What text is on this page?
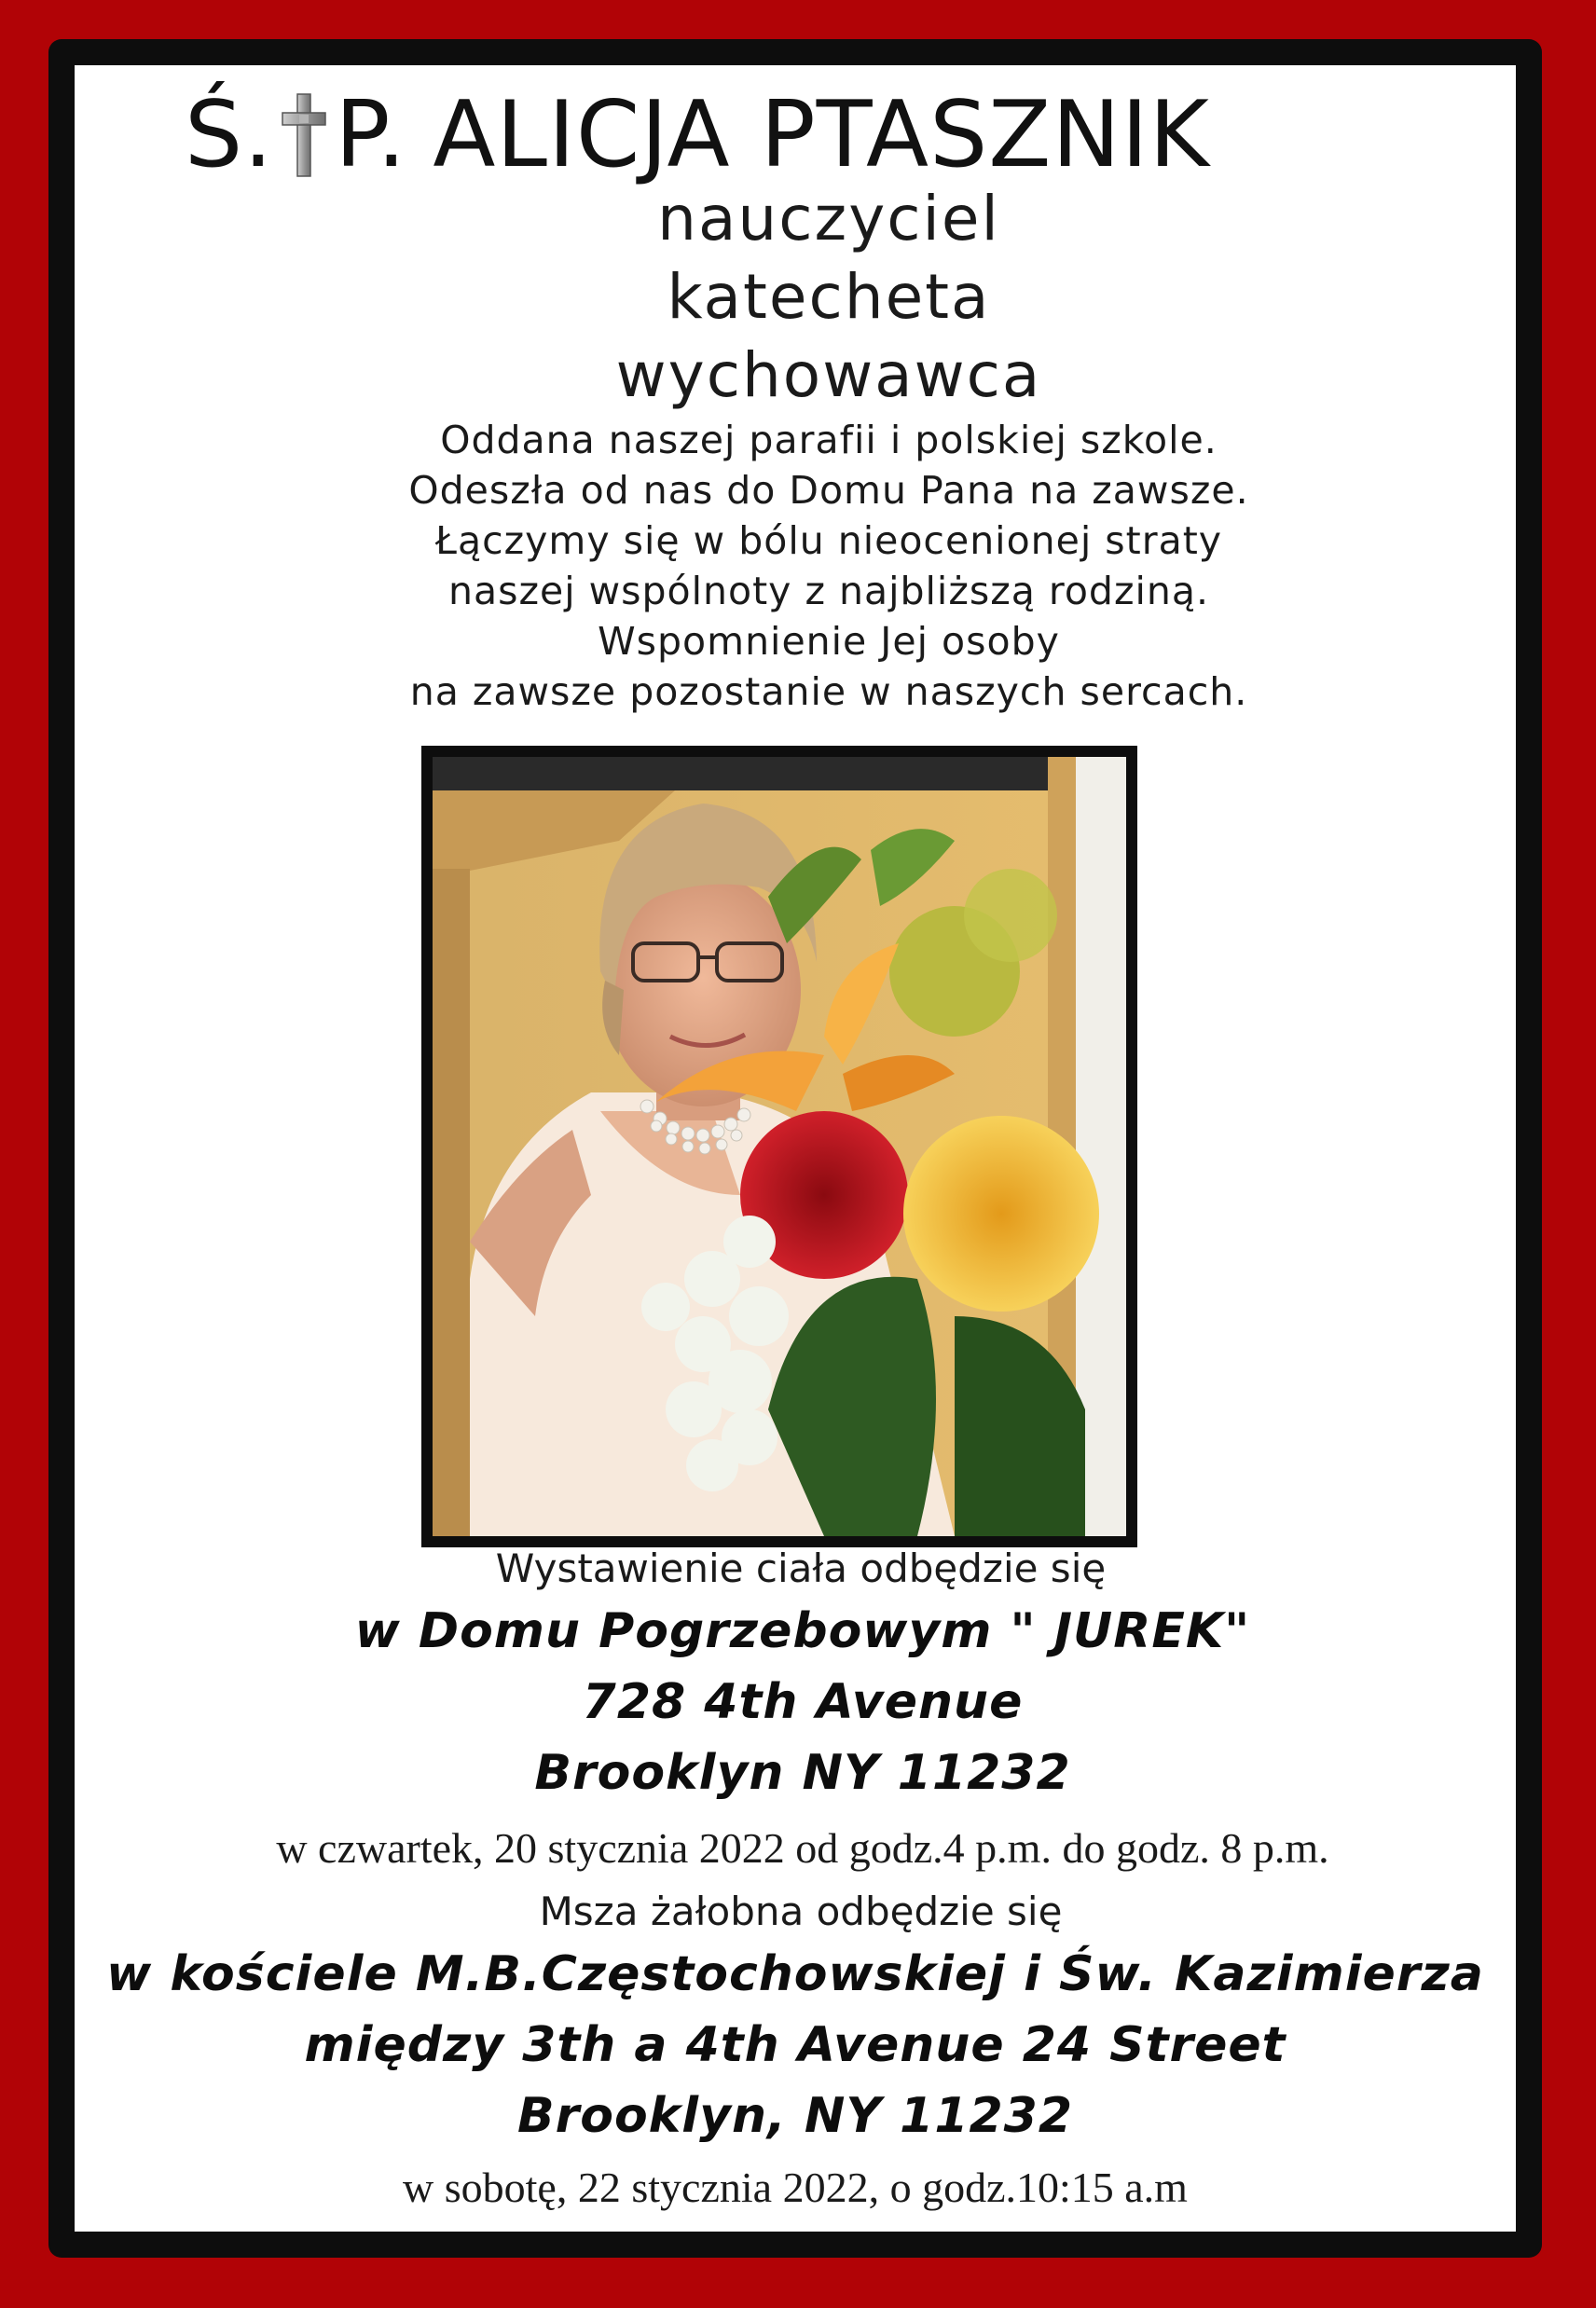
Ś. P. ALICJA PTASZNIK

nauczyciel

katecheta

wychowawca

Oddana naszej parafii i polskiej szkole.

Odeszła od nas do Domu Pana na zawsze.

Łączymy się w bólu nieocenionej straty

naszej wspólnoty z najbliższą rodziną.

Wspomnienie Jej osoby

na zawsze pozostanie w naszych sercach.

Wystawienie ciała odbędzie się

w Domu Pogrzebowym " JUREK"

728 4th Avenue

Brooklyn NY 11232

w czwartek, 20 stycznia 2022 od godz.4 p.m. do godz. 8 p.m.

Msza żałobna odbędzie się

w kościele M.B.Częstochowskiej i Św. Kazimierza

między 3th a 4th Avenue 24 Street

Brooklyn, NY 11232

w sobotę, 22 stycznia 2022, o godz.10:15 a.m
